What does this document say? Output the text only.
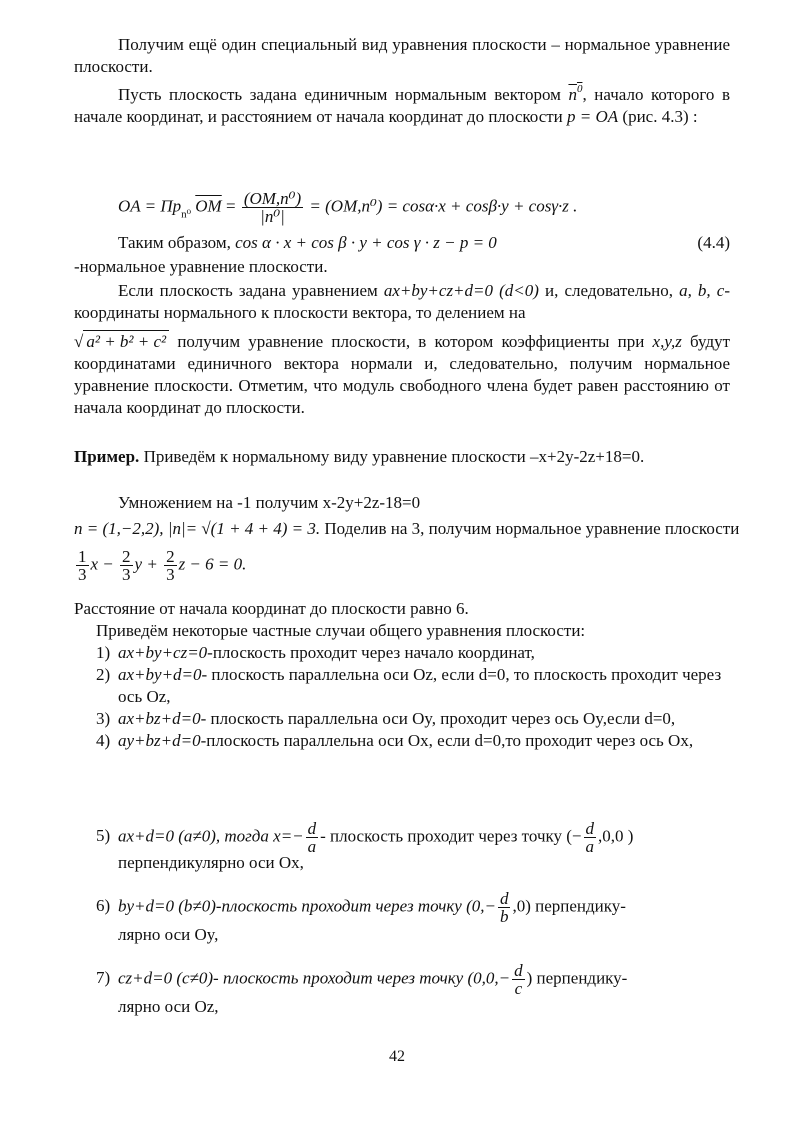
Получим ещё один специальный вид уравнения плоскости – нормальное уравнение плоскости.

Пусть плоскость задана единичным нормальным вектором $n^0$, начало которого в начале координат, и расстоянием от начала координат до плоскости p = OA (рис. 4.3) :

OA = $Пр_{n^0}$ $\overline{OM} = \frac{\text{(OM,n⁰)}}{\text{|n⁰|}} = (OM,n^0) = \cos\alpha\cdot x + \cos\beta\cdot y + \cos\gamma\cdot z$ .
Таким образом, cos α · x + cos β · y + cos γ · z − p = 0	(4.4)
-нормальное уравнение плоскости.

Если плоскость задана уравнением ax+by+cz+d=0 (d<0) и, следовательно, a, b, c- координаты нормального к плоскости вектора, то делением на

√ a² + b² + c² получим уравнение плоскости, в котором коэффициенты при x,y,z будут координатами единичного вектора нормали и, следовательно, получим нормальное уравнение плоскости. Отметим, что модуль свободного члена будет равен расстоянию от начала координат до плоскости.

Пример. Приведём к нормальному виду уравнение плоскости –x+2y-2z+18=0.
Умножением на -1 получим x-2y+2z-18=0
n = (1,−2,2), |n|= √(1 + 4 + 4) = 3. Поделив на 3, получим нормальное уравнение плоскости
$\frac{1}{3}$ $x - \frac{2}{3}$ $y + \frac{2}{3}$ z − 6 = 0.
Расстояние от начала координат до плоскости равно 6.
Приведём некоторые частные случаи общего уравнения плоскости:
1) ax+by+cz=0-плоскость проходит через начало координат,
2) ax+by+d=0- плоскость параллельна оси Oz, если d=0, то плоскость проходит через ось Oz,
3) ax+bz+d=0- плоскость параллельна оси Oy, проходит через ось Oy,если d=0,
4) ay+bz+d=0-плоскость параллельна оси Ox, если d=0,то проходит через ось Ox,
5) ax+d=0 (a≠0), тогда $x=- \frac{d}{a}$ - плоскость проходит через точку (− $\frac{d}{a} ,0,0$ )
перпендикулярно оси Ox,
6) by+d=0 (b≠0)-плоскость проходит через точку $(0,- \frac{d}{b} ,0)$ перпендику-
лярно оси Oy,
7) cz+d=0 (c≠0)- плоскость проходит через точку ($0,0,- \frac{d}{c}$ ) перпендику-
лярно оси Oz,
42
